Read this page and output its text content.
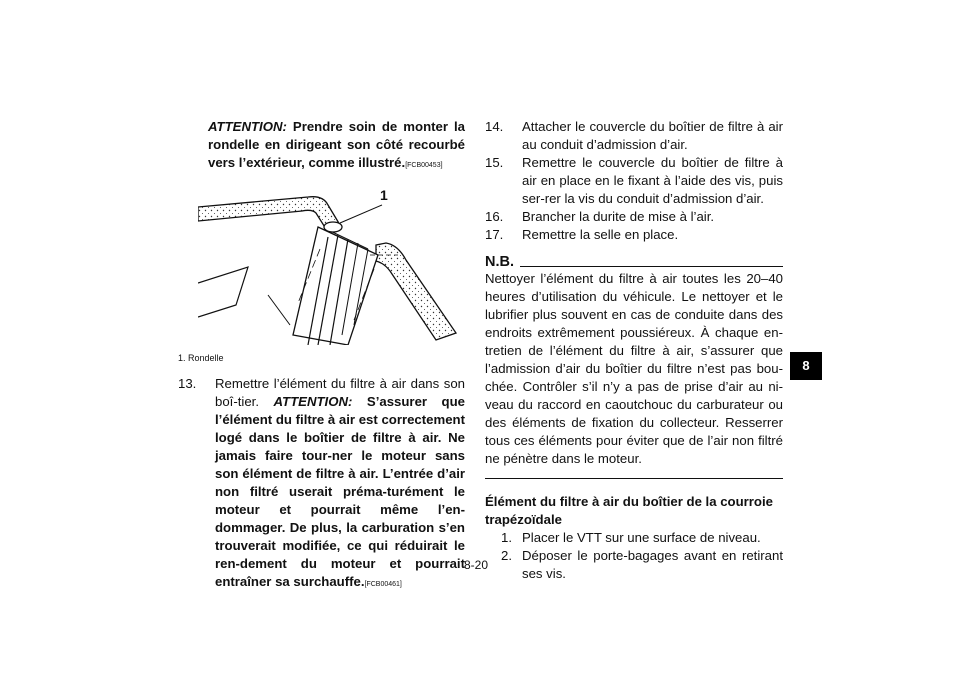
ATTENTION: Prendre soin de monter la rondelle en dirigeant son côté recourbé vers l’extérieur, comme illustré.[FCB00453]

1

1. Rondelle

13. Remettre l’élément du filtre à air dans son boî-tier. ATTENTION: S’assurer que l’élément du filtre à air est correctement logé dans le boîtier de filtre à air. Ne jamais faire tour-ner le moteur sans son élément de filtre à air. L’entrée d’air non filtré userait préma-turément le moteur et pourrait même l’en-dommager. De plus, la carburation s’en trouverait modifiée, ce qui réduirait le ren-dement du moteur et pourrait entraîner sa surchauffe.[FCB00461]
14. Attacher le couvercle du boîtier de filtre à air au conduit d’admission d’air.
15. Remettre le couvercle du boîtier de filtre à air en place en le fixant à l’aide des vis, puis ser-rer la vis du conduit d’admission d’air.
16. Brancher la durite de mise à l’air.
17. Remettre la selle en place.
N.B.

Nettoyer l’élément du filtre à air toutes les 20–40 heures d’utilisation du véhicule. Le nettoyer et le lubrifier plus souvent en cas de conduite dans des endroits extrêmement poussiéreux. À chaque en-tretien de l’élément du filtre à air, s’assurer que l’admission d’air du boîtier du filtre n’est pas bou-chée. Contrôler s’il n’y a pas de prise d’air au ni-veau du raccord en caoutchouc du carburateur ou des éléments de fixation du collecteur. Resserrer tous ces éléments pour éviter que de l’air non filtré ne pénètre dans le moteur.

Élément du filtre à air du boîtier de la courroie trapézoïdale

1. Placer le VTT sur une surface de niveau.
2. Déposer le porte-bagages avant en retirant ses vis.
8-20
8
